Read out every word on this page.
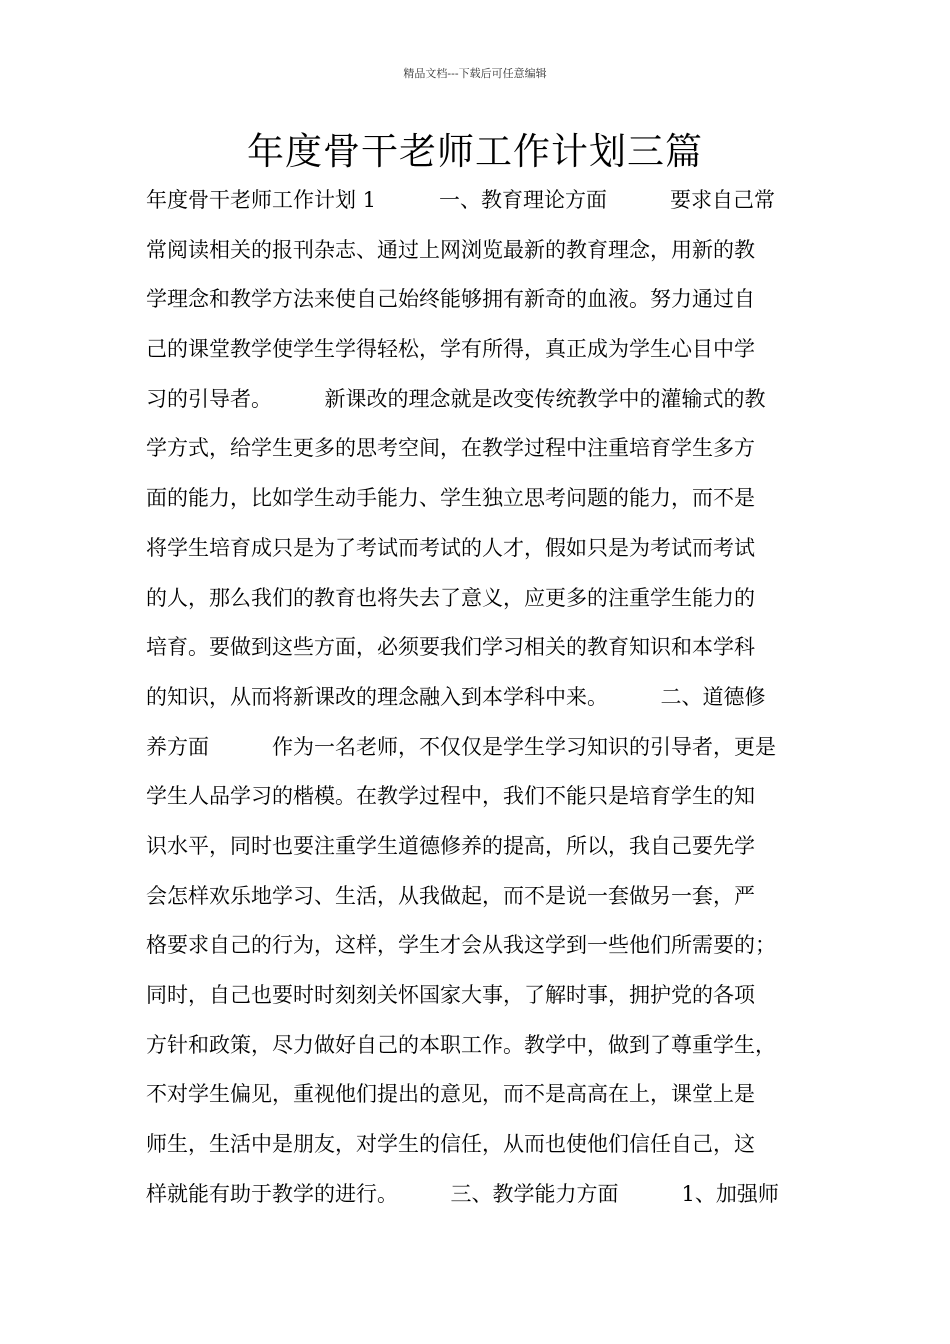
精品文档---下载后可任意编辑
年度骨干老师工作计划三篇
年度骨干老师工作计划 1　　　一、教育理论方面　　　要求自己常
常阅读相关的报刊杂志、通过上网浏览最新的教育理念，用新的教
学理念和教学方法来使自己始终能够拥有新奇的血液。努力通过自
己的课堂教学使学生学得轻松，学有所得，真正成为学生心目中学
习的引导者。　　　新课改的理念就是改变传统教学中的灌输式的教
学方式，给学生更多的思考空间，在教学过程中注重培育学生多方
面的能力，比如学生动手能力、学生独立思考问题的能力，而不是
将学生培育成只是为了考试而考试的人才，假如只是为考试而考试
的人，那么我们的教育也将失去了意义，应更多的注重学生能力的
培育。要做到这些方面，必须要我们学习相关的教育知识和本学科
的知识，从而将新课改的理念融入到本学科中来。　　　二、道德修
养方面　　　作为一名老师，不仅仅是学生学习知识的引导者，更是
学生人品学习的楷模。在教学过程中，我们不能只是培育学生的知
识水平，同时也要注重学生道德修养的提高，所以，我自己要先学
会怎样欢乐地学习、生活，从我做起，而不是说一套做另一套，严
格要求自己的行为，这样，学生才会从我这学到一些他们所需要的；
同时，自己也要时时刻刻关怀国家大事，了解时事，拥护党的各项
方针和政策，尽力做好自己的本职工作。教学中，做到了尊重学生，
不对学生偏见，重视他们提出的意见，而不是高高在上，课堂上是
师生，生活中是朋友，对学生的信任，从而也使他们信任自己，这
样就能有助于教学的进行。　　　三、教学能力方面　　　1、加强师
